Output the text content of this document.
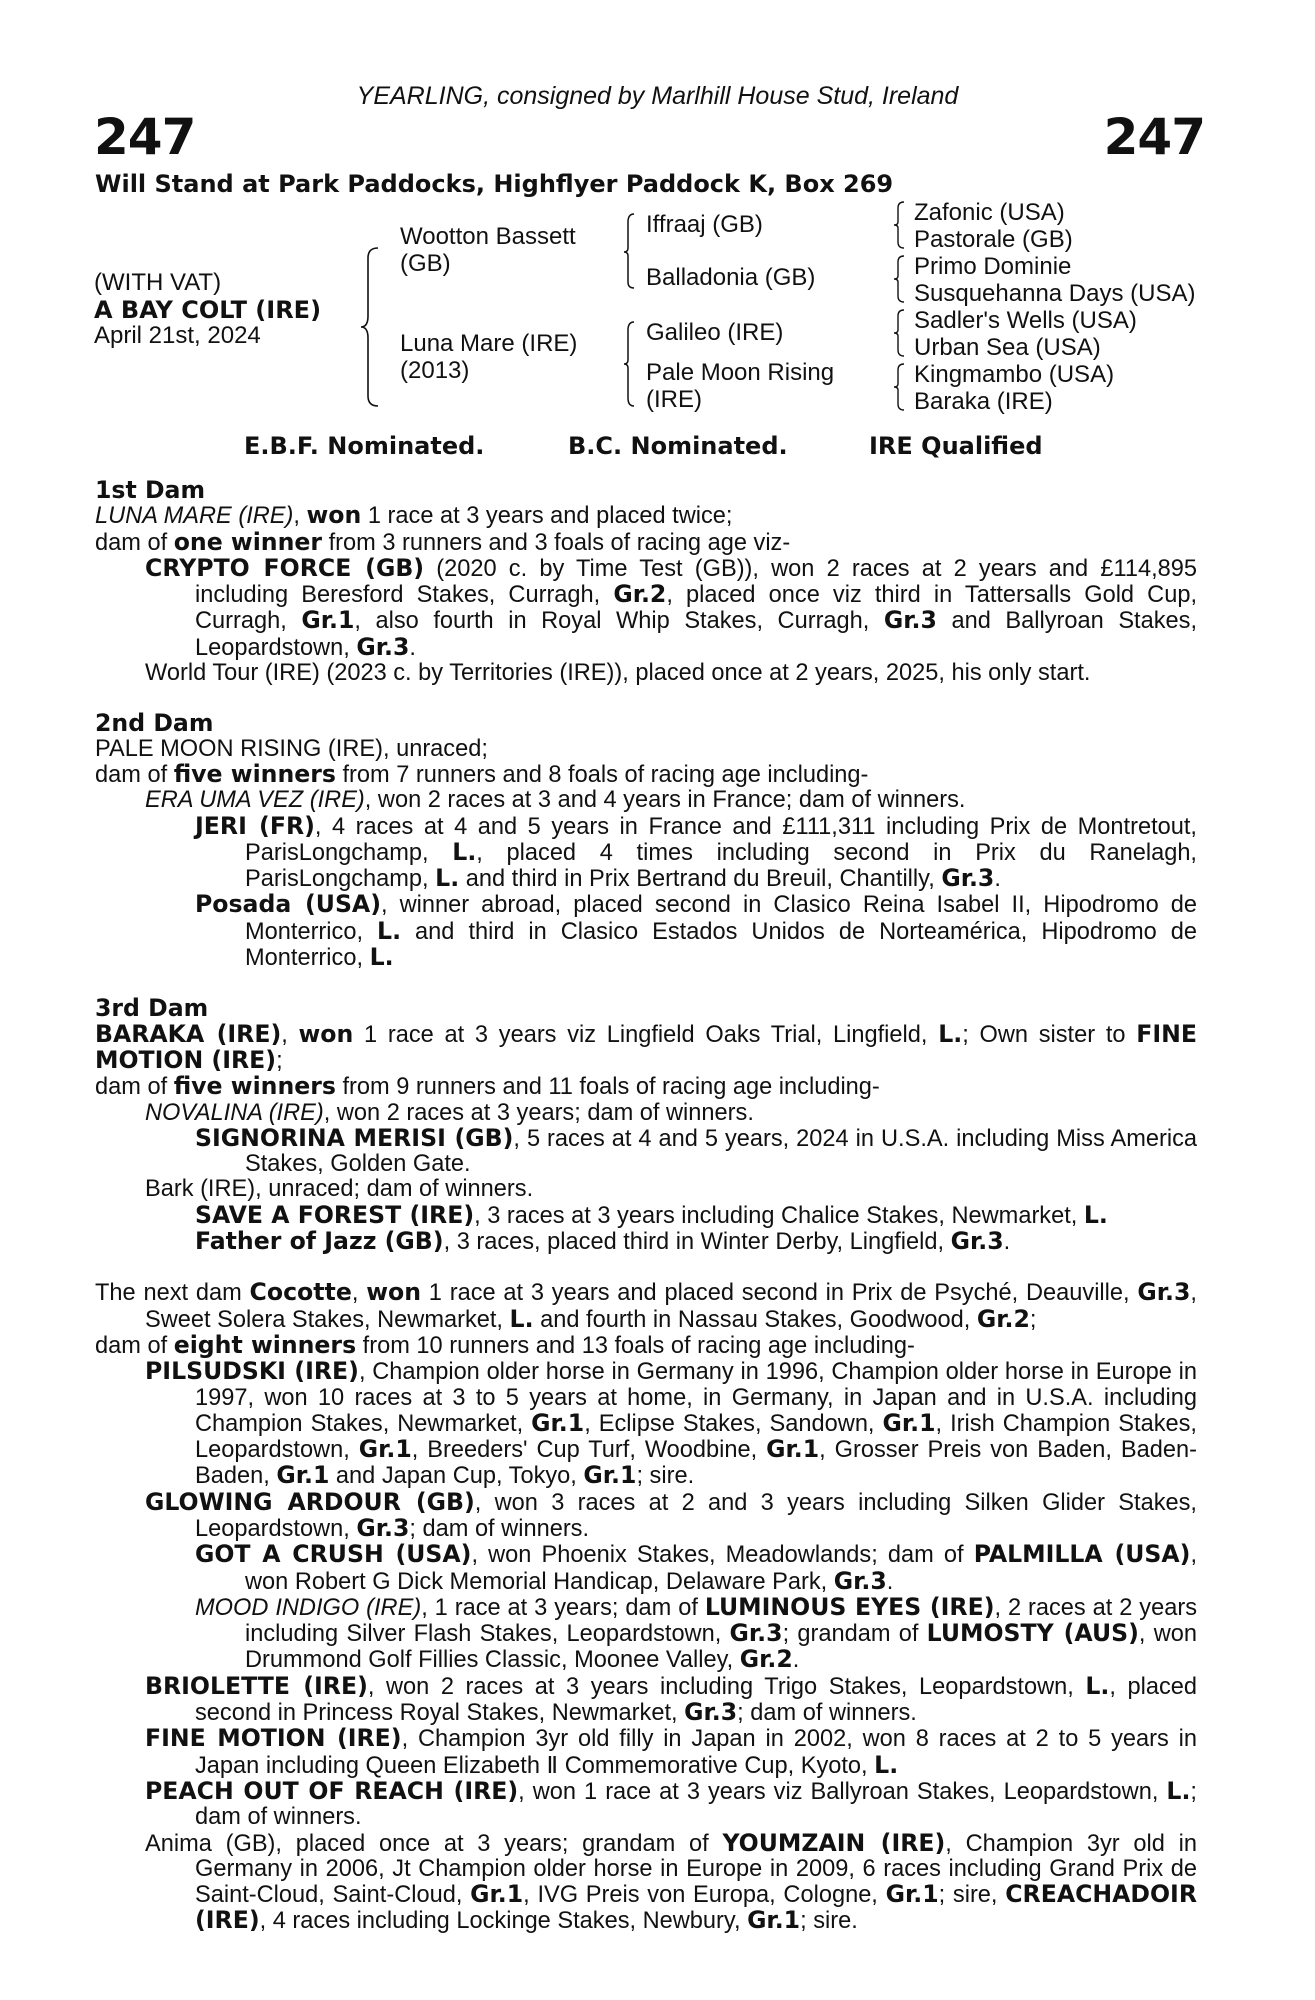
YEARLING, consigned by Marlhill House Stud, Ireland
247	247
Will Stand at Park Paddocks, Highflyer Paddock K, Box 269
(WITH VAT)
A BAY COLT (IRE)
April 21st, 2024
Wootton Bassett
(GB)
Luna Mare (IRE)
(2013)
Iffraaj (GB)
Balladonia (GB)
Galileo (IRE)
Pale Moon Rising
(IRE)
Zafonic (USA)
Pastorale (GB)
Primo Dominie
Susquehanna Days (USA)
Sadler's Wells (USA)
Urban Sea (USA)
Kingmambo (USA)
Baraka (IRE)
E.B.F. Nominated.	B.C. Nominated.	IRE Qualified
1st Dam
LUNA MARE (IRE), won 1 race at 3 years and placed twice;
dam of one winner from 3 runners and 3 foals of racing age viz-
CRYPTO FORCE (GB) (2020 c. by Time Test (GB)), won 2 races at 2 years and £114,895 including Beresford Stakes, Curragh, Gr.2, placed once viz third in Tattersalls Gold Cup, Curragh, Gr.1, also fourth in Royal Whip Stakes, Curragh, Gr.3 and Ballyroan Stakes, Leopardstown, Gr.3.
World Tour (IRE) (2023 c. by Territories (IRE)), placed once at 2 years, 2025, his only start.
2nd Dam
PALE MOON RISING (IRE), unraced;
dam of five winners from 7 runners and 8 foals of racing age including-
ERA UMA VEZ (IRE), won 2 races at 3 and 4 years in France; dam of winners.
JERI (FR), 4 races at 4 and 5 years in France and £111,311 including Prix de Montretout, ParisLongchamp, L., placed 4 times including second in Prix du Ranelagh, ParisLongchamp, L. and third in Prix Bertrand du Breuil, Chantilly, Gr.3.
Posada (USA), winner abroad, placed second in Clasico Reina Isabel II, Hipodromo de Monterrico, L. and third in Clasico Estados Unidos de Norteamérica, Hipodromo de Monterrico, L.
3rd Dam
BARAKA (IRE), won 1 race at 3 years viz Lingfield Oaks Trial, Lingfield, L.; Own sister to FINE MOTION (IRE);
dam of five winners from 9 runners and 11 foals of racing age including-
NOVALINA (IRE), won 2 races at 3 years; dam of winners.
SIGNORINA MERISI (GB), 5 races at 4 and 5 years, 2024 in U.S.A. including Miss America Stakes, Golden Gate.
Bark (IRE), unraced; dam of winners.
SAVE A FOREST (IRE), 3 races at 3 years including Chalice Stakes, Newmarket, L.
Father of Jazz (GB), 3 races, placed third in Winter Derby, Lingfield, Gr.3.
The next dam Cocotte, won 1 race at 3 years and placed second in Prix de Psyché, Deauville, Gr.3, Sweet Solera Stakes, Newmarket, L. and fourth in Nassau Stakes, Goodwood, Gr.2;
dam of eight winners from 10 runners and 13 foals of racing age including-
PILSUDSKI (IRE), Champion older horse in Germany in 1996, Champion older horse in Europe in 1997, won 10 races at 3 to 5 years at home, in Germany, in Japan and in U.S.A. including Champion Stakes, Newmarket, Gr.1, Eclipse Stakes, Sandown, Gr.1, Irish Champion Stakes, Leopardstown, Gr.1, Breeders' Cup Turf, Woodbine, Gr.1, Grosser Preis von Baden, Baden-Baden, Gr.1 and Japan Cup, Tokyo, Gr.1; sire.
GLOWING ARDOUR (GB), won 3 races at 2 and 3 years including Silken Glider Stakes, Leopardstown, Gr.3; dam of winners.
GOT A CRUSH (USA), won Phoenix Stakes, Meadowlands; dam of PALMILLA (USA), won Robert G Dick Memorial Handicap, Delaware Park, Gr.3.
MOOD INDIGO (IRE), 1 race at 3 years; dam of LUMINOUS EYES (IRE), 2 races at 2 years including Silver Flash Stakes, Leopardstown, Gr.3; grandam of LUMOSTY (AUS), won Drummond Golf Fillies Classic, Moonee Valley, Gr.2.
BRIOLETTE (IRE), won 2 races at 3 years including Trigo Stakes, Leopardstown, L., placed second in Princess Royal Stakes, Newmarket, Gr.3; dam of winners.
FINE MOTION (IRE), Champion 3yr old filly in Japan in 2002, won 8 races at 2 to 5 years in Japan including Queen Elizabeth Ⅱ Commemorative Cup, Kyoto, L.
PEACH OUT OF REACH (IRE), won 1 race at 3 years viz Ballyroan Stakes, Leopardstown, L.; dam of winners.
Anima (GB), placed once at 3 years; grandam of YOUMZAIN (IRE), Champion 3yr old in Germany in 2006, Jt Champion older horse in Europe in 2009, 6 races including Grand Prix de Saint-Cloud, Saint-Cloud, Gr.1, IVG Preis von Europa, Cologne, Gr.1; sire, CREACHADOIR (IRE), 4 races including Lockinge Stakes, Newbury, Gr.1; sire.
